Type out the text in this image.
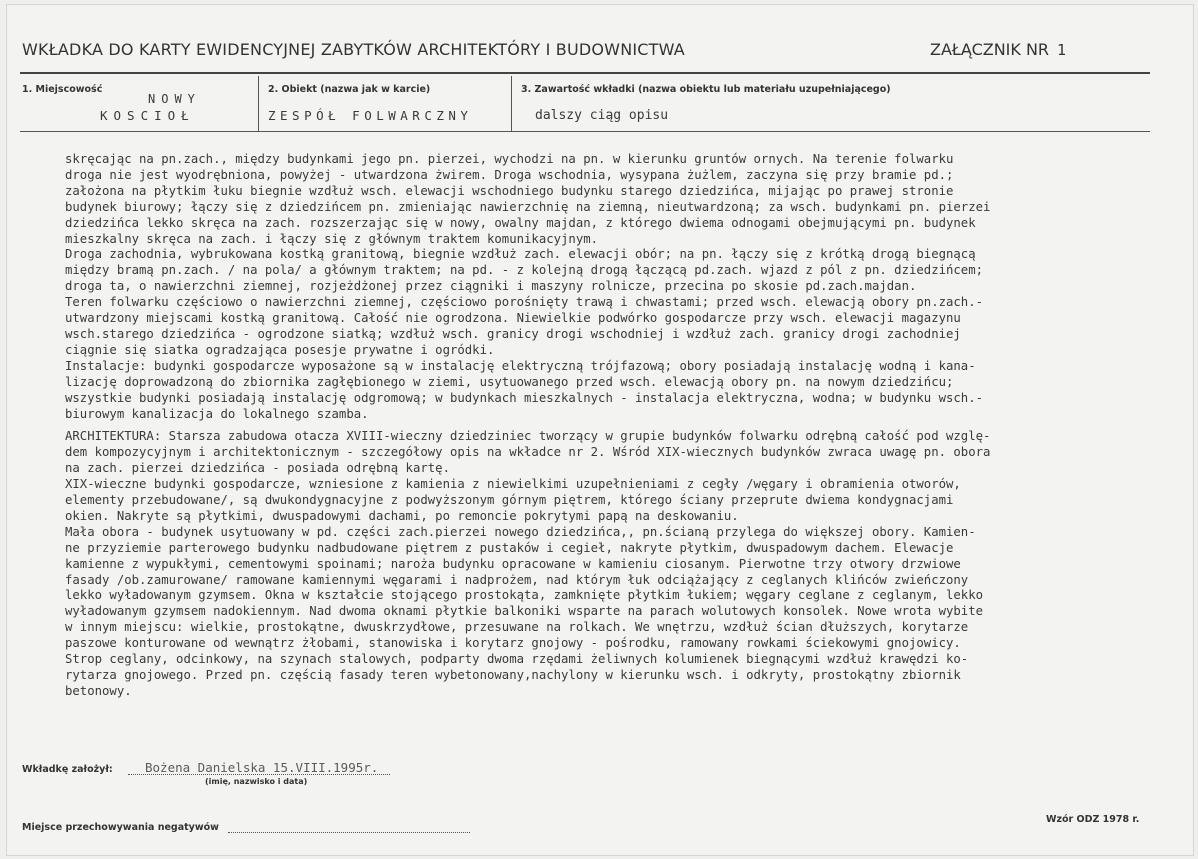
WKŁADKA DO KARTY EWIDENCYJNEJ ZABYTKÓW ARCHITEKTÓRY I BUDOWNICTWA	ZAŁĄCZNIK NR 1
1. Miejscowość	2. Obiekt (nazwa jak w karcie)	3. Zawartość wkładki (nazwa obiektu lub materiału uzupełniającego)
NOWY
KOSCIOŁ	ZESPÓŁ FOLWARCZNY	dalszy ciąg opisu
skręcając na pn.zach., między budynkami jego pn. pierzei, wychodzi na pn. w kierunku gruntów ornych. Na terenie folwarku
droga nie jest wyodrębniona, powyżej - utwardzona żwirem. Droga wschodnia, wysypana żużlem, zaczyna się przy bramie pd.;
założona na płytkim łuku biegnie wzdłuż wsch. elewacji wschodniego budynku starego dziedzińca, mijając po prawej stronie
budynek biurowy; łączy się z dziedzińcem pn. zmieniając nawierzchnię na ziemną, nieutwardzoną; za wsch. budynkami pn. pierzei
dziedzińca lekko skręca na zach. rozszerzając się w nowy, owalny majdan, z którego dwiema odnogami obejmującymi pn. budynek
mieszkalny skręca na zach. i łączy się z głównym traktem komunikacyjnym.
Droga zachodnia, wybrukowana kostką granitową, biegnie wzdłuż zach. elewacji obór; na pn. łączy się z krótką drogą biegnącą
między bramą pn.zach. / na pola/ a głównym traktem; na pd. - z kolejną drogą łączącą pd.zach. wjazd z pól z pn. dziedzińcem;
droga ta, o nawierzchni ziemnej, rozjeżdżonej przez ciągniki i maszyny rolnicze, przecina po skosie pd.zach.majdan.
Teren folwarku częściowo o nawierzchni ziemnej, częściowo porośnięty trawą i chwastami; przed wsch. elewacją obory pn.zach.-
utwardzony miejscami kostką granitową. Całość nie ogrodzona. Niewielkie podwórko gospodarcze przy wsch. elewacji magazynu
wsch.starego dziedzińca - ogrodzone siatką; wzdłuż wsch. granicy drogi wschodniej i wzdłuż zach. granicy drogi zachodniej
ciągnie się siatka ogradzająca posesje prywatne i ogródki.
Instalacje: budynki gospodarcze wyposażone są w instalację elektryczną trójfazową; obory posiadają instalację wodną i kana-
lizację doprowadzoną do zbiornika zagłębionego w ziemi, usytuowanego przed wsch. elewacją obory pn. na nowym dziedzińcu;
wszystkie budynki posiadają instalację odgromową; w budynkach mieszkalnych - instalacja elektryczna, wodna; w budynku wsch.-
biurowym kanalizacja do lokalnego szamba.

ARCHITEKTURA: Starsza zabudowa otacza XVIII-wieczny dziedziniec tworzący w grupie budynków folwarku odrębną całość pod wzglę-
dem kompozycyjnym i architektonicznym - szczegółowy opis na wkładce nr 2. Wśród XIX-wiecznych budynków zwraca uwagę pn. obora
na zach. pierzei dziedzińca - posiada odrębną kartę.
XIX-wieczne budynki gospodarcze, wzniesione z kamienia z niewielkimi uzupełnieniami z cegły /węgary i obramienia otworów,
elementy przebudowane/, są dwukondygnacyjne z podwyższonym górnym piętrem, którego ściany przeprute dwiema kondygnacjami
okien. Nakryte są płytkimi, dwuspadowymi dachami, po remoncie pokrytymi papą na deskowaniu.
Mała obora - budynek usytuowany w pd. części zach.pierzei nowego dziedzińca,, pn.ścianą przylega do większej obory. Kamien-
ne przyziemie parterowego budynku nadbudowane piętrem z pustaków i cegieł, nakryte płytkim, dwuspadowym dachem. Elewacje
kamienne z wypukłymi, cementowymi spoinami; naroża budynku opracowane w kamieniu ciosanym. Pierwotne trzy otwory drzwiowe
fasady /ob.zamurowane/ ramowane kamiennymi węgarami i nadprożem, nad którym łuk odciążający z ceglanych klińców zwieńczony
lekko wyładowanym gzymsem. Okna w kształcie stojącego prostokąta, zamknięte płytkim łukiem; węgary ceglane z ceglanym, lekko
wyładowanym gzymsem nadokiennym. Nad dwoma oknami płytkie balkoniki wsparte na parach wolutowych konsolek. Nowe wrota wybite
w innym miejscu: wielkie, prostokątne, dwuskrzydłowe, przesuwane na rolkach. We wnętrzu, wzdłuż ścian dłuższych, korytarze
paszowe konturowane od wewnątrz żłobami, stanowiska i korytarz gnojowy - pośrodku, ramowany rowkami ściekowymi gnojowicy.
Strop ceglany, odcinkowy, na szynach stalowych, podparty dwoma rzędami żeliwnych kolumienek biegnącymi wzdłuż krawędzi ko-
rytarza gnojowego. Przed pn. częścią fasady teren wybetonowany,nachylony w kierunku wsch. i odkryty, prostokątny zbiornik
betonowy.
Wkładkę założył:	Bożena Danielska 15.VIII.1995r.
(imię, nazwisko i data)
Miejsce przechowywania negatywów
Wzór ODZ 1978 r.
